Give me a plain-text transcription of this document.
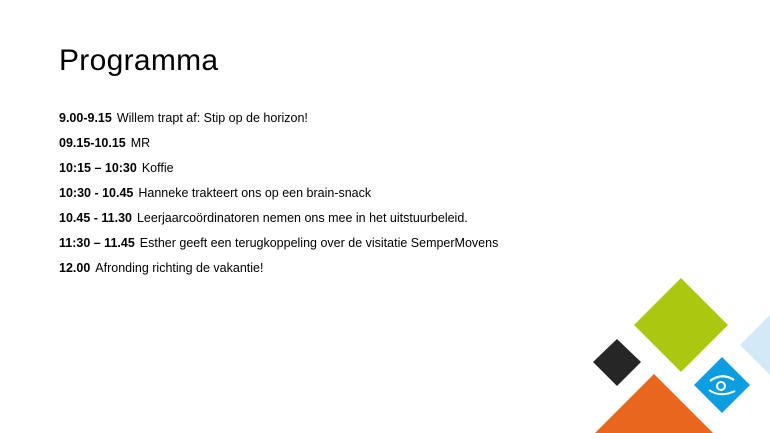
Programma
9.00-9.15 Willem trapt af: Stip op de horizon!
09.15-10.15 MR
10:15 – 10:30 Koffie
10:30 - 10.45 Hanneke trakteert ons op een brain-snack
10.45 - 11.30 Leerjaarcoördinatoren nemen ons mee in het uitstuurbeleid.
11:30 – 11.45 Esther geeft een terugkoppeling over de visitatie SemperMovens
12.00 Afronding richting de vakantie!
